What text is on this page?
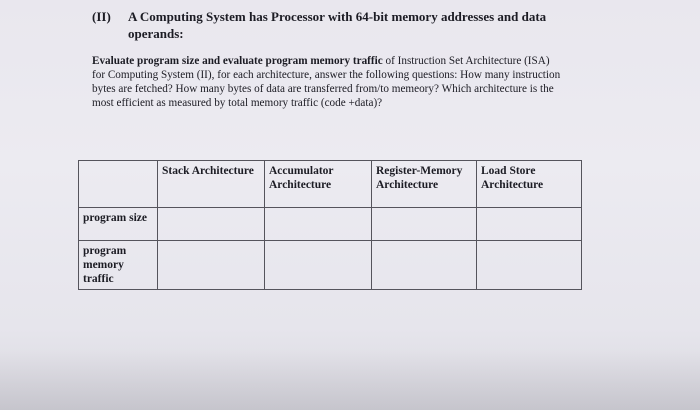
(II) A Computing System has Processor with 64-bit memory addresses and data operands:
Evaluate program size and evaluate program memory traffic of Instruction Set Architecture (ISA) for Computing System (II), for each architecture, answer the following questions: How many instruction bytes are fetched? How many bytes of data are transferred from/to memeory? Which architecture is the most efficient as measured by total memory traffic (code +data)?
	Stack Architecture	Accumulator Architecture	Register-Memory Architecture	Load Store Architecture
program size				
program memory traffic				
